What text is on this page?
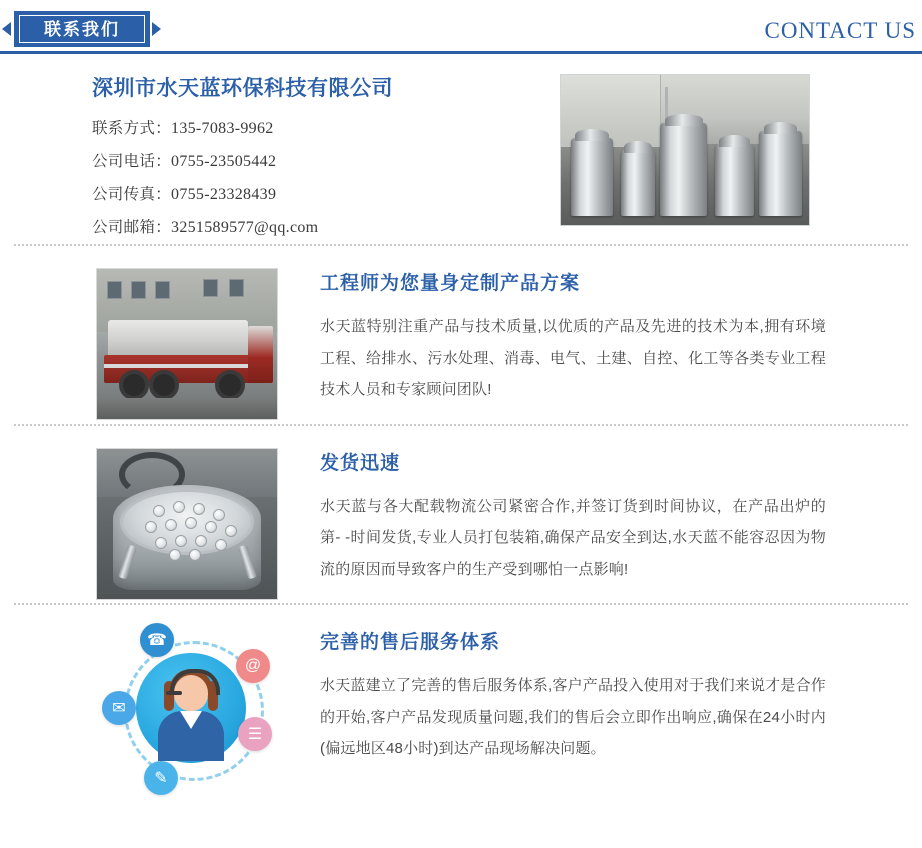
联系我们	CONTACT US
深圳市水天蓝环保科技有限公司
联系方式：135-7083-9962
公司电话：0755-23505442
公司传真：0755-23328439
公司邮箱：3251589577@qq.com
工程师为您量身定制产品方案
水天蓝特别注重产品与技术质量,以优质的产品及先进的技术为本,拥有环境工程、给排水、污水处理、消毒、电气、土建、自控、化工等各类专业工程技术人员和专家顾问团队!
发货迅速
水天蓝与各大配载物流公司紧密合作,并签订货到时间协议，在产品出炉的第- -时间发货,专业人员打包装箱,确保产品安全到达,水天蓝不能容忍因为物流的原因而导致客户的生产受到哪怕一点影响!
☎
@
✉
☰
✎
完善的售后服务体系
水天蓝建立了完善的售后服务体系,客户产品投入使用对于我们来说才是合作的开始,客户产品发现质量问题,我们的售后会立即作出响应,确保在24小时内(偏远地区48小时)到达产品现场解决问题。
